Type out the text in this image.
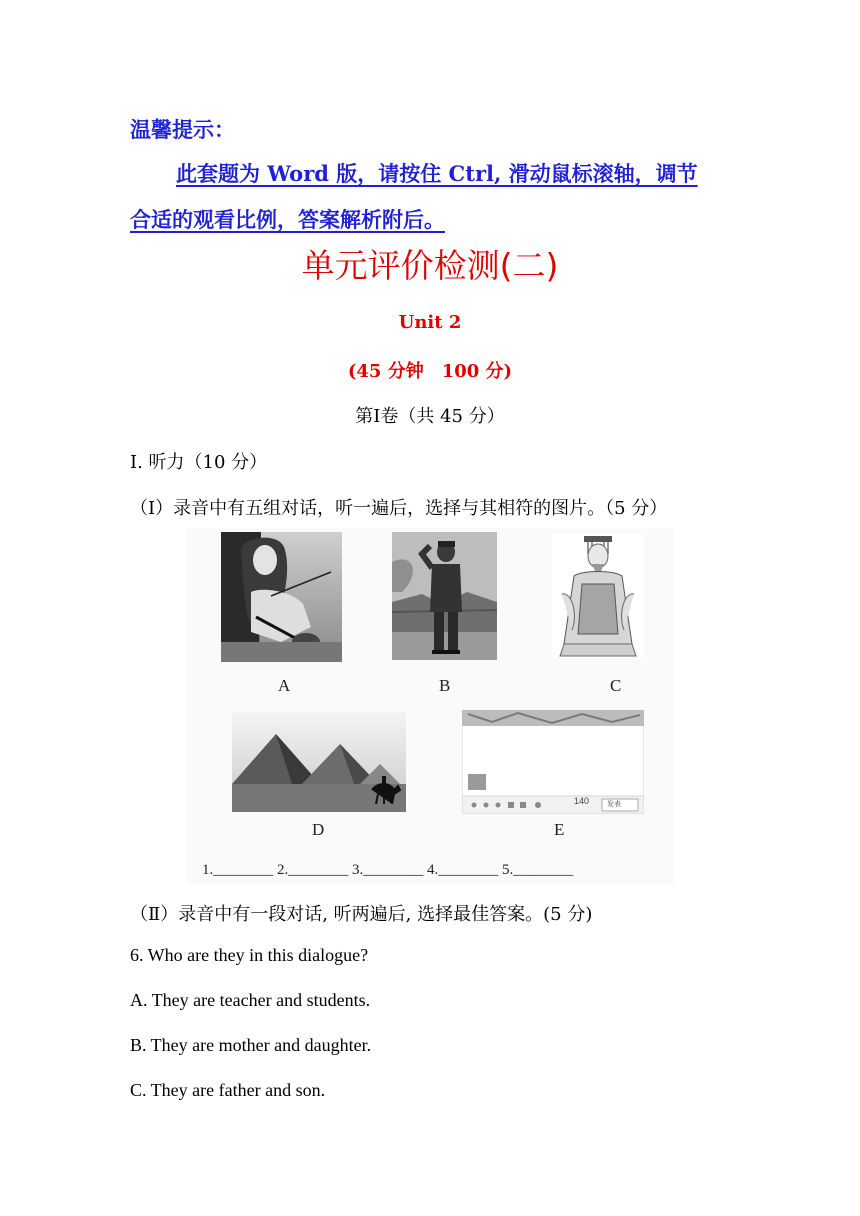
温馨提示：
此套题为 Word 版，请按住 Ctrl, 滑动鼠标滚轴，调节
合适的观看比例，答案解析附后。
单元评价检测(二)
Unit 2
(45 分钟　100 分)
第Ⅰ卷（共 45 分）
Ⅰ. 听力（10 分）
（Ⅰ）录音中有五组对话，听一遍后，选择与其相符的图片。（5 分）
A	B	C
140	发表
D	E
1.________ 2.________ 3.________ 4.________ 5.________
（Ⅱ）录音中有一段对话, 听两遍后, 选择最佳答案。(5 分)
6. Who are they in this dialogue?
A. They are teacher and students.
B. They are mother and daughter.
C. They are father and son.
